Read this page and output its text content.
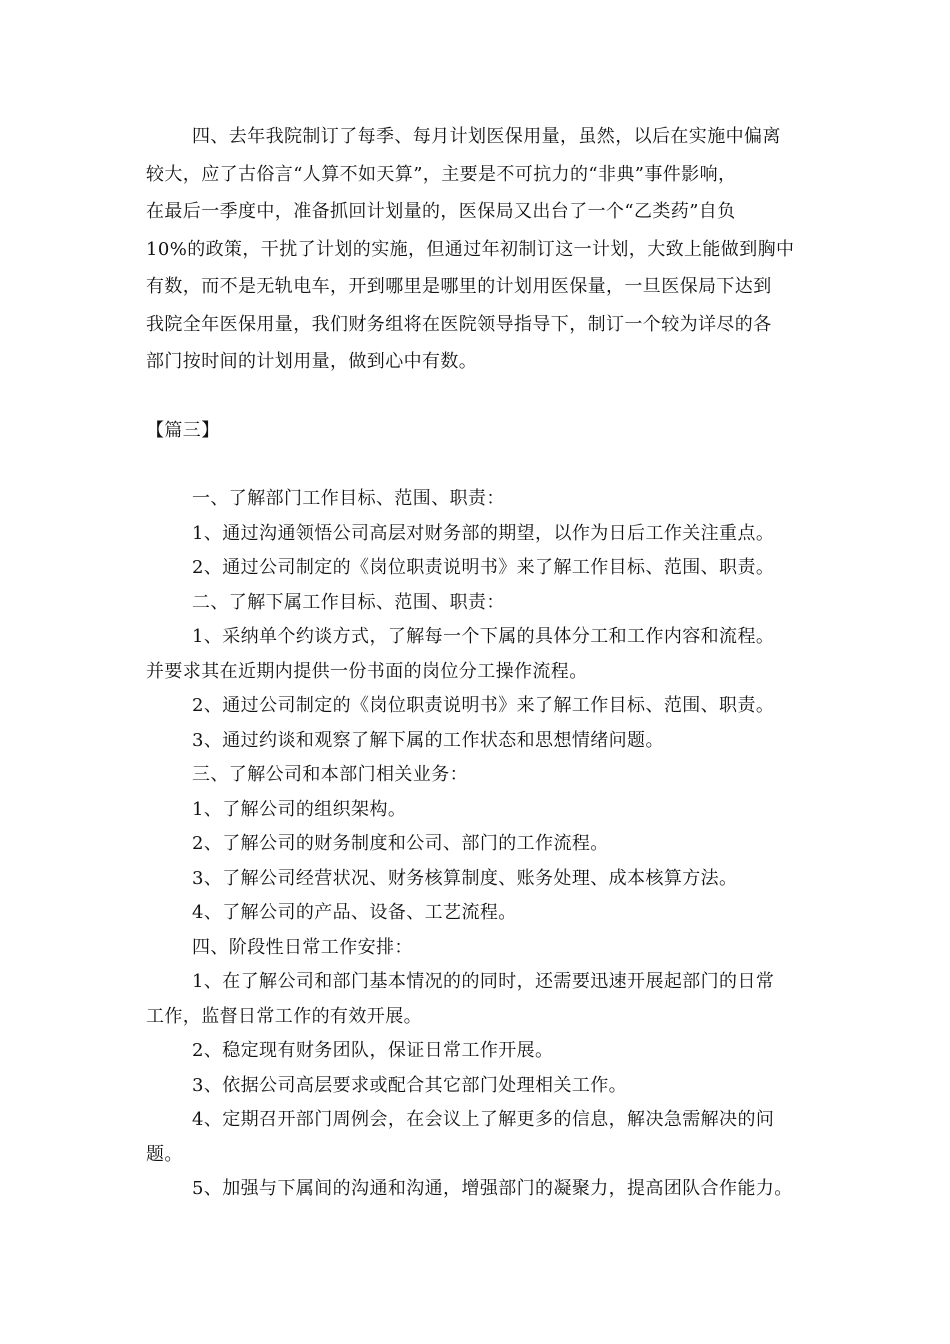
四、去年我院制订了每季、每月计划医保用量，虽然，以后在实施中偏离
较大，应了古俗言“人算不如天算”，主要是不可抗力的“非典”事件影响，
在最后一季度中，准备抓回计划量的，医保局又出台了一个“乙类药”自负
10%的政策，干扰了计划的实施，但通过年初制订这一计划，大致上能做到胸中
有数，而不是无轨电车，开到哪里是哪里的计划用医保量，一旦医保局下达到
我院全年医保用量，我们财务组将在医院领导指导下，制订一个较为详尽的各
部门按时间的计划用量，做到心中有数。
【篇三】
一、了解部门工作目标、范围、职责：
1、通过沟通领悟公司高层对财务部的期望，以作为日后工作关注重点。
2、通过公司制定的《岗位职责说明书》来了解工作目标、范围、职责。
二、了解下属工作目标、范围、职责：
1、采纳单个约谈方式，了解每一个下属的具体分工和工作内容和流程。
并要求其在近期内提供一份书面的岗位分工操作流程。
2、通过公司制定的《岗位职责说明书》来了解工作目标、范围、职责。
3、通过约谈和观察了解下属的工作状态和思想情绪问题。
三、了解公司和本部门相关业务：
1、了解公司的组织架构。
2、了解公司的财务制度和公司、部门的工作流程。
3、了解公司经营状况、财务核算制度、账务处理、成本核算方法。
4、了解公司的产品、设备、工艺流程。
四、阶段性日常工作安排：
1、在了解公司和部门基本情况的的同时，还需要迅速开展起部门的日常
工作，监督日常工作的有效开展。
2、稳定现有财务团队，保证日常工作开展。
3、依据公司高层要求或配合其它部门处理相关工作。
4、定期召开部门周例会，在会议上了解更多的信息，解决急需解决的问
题。
5、加强与下属间的沟通和沟通，增强部门的凝聚力，提高团队合作能力。
